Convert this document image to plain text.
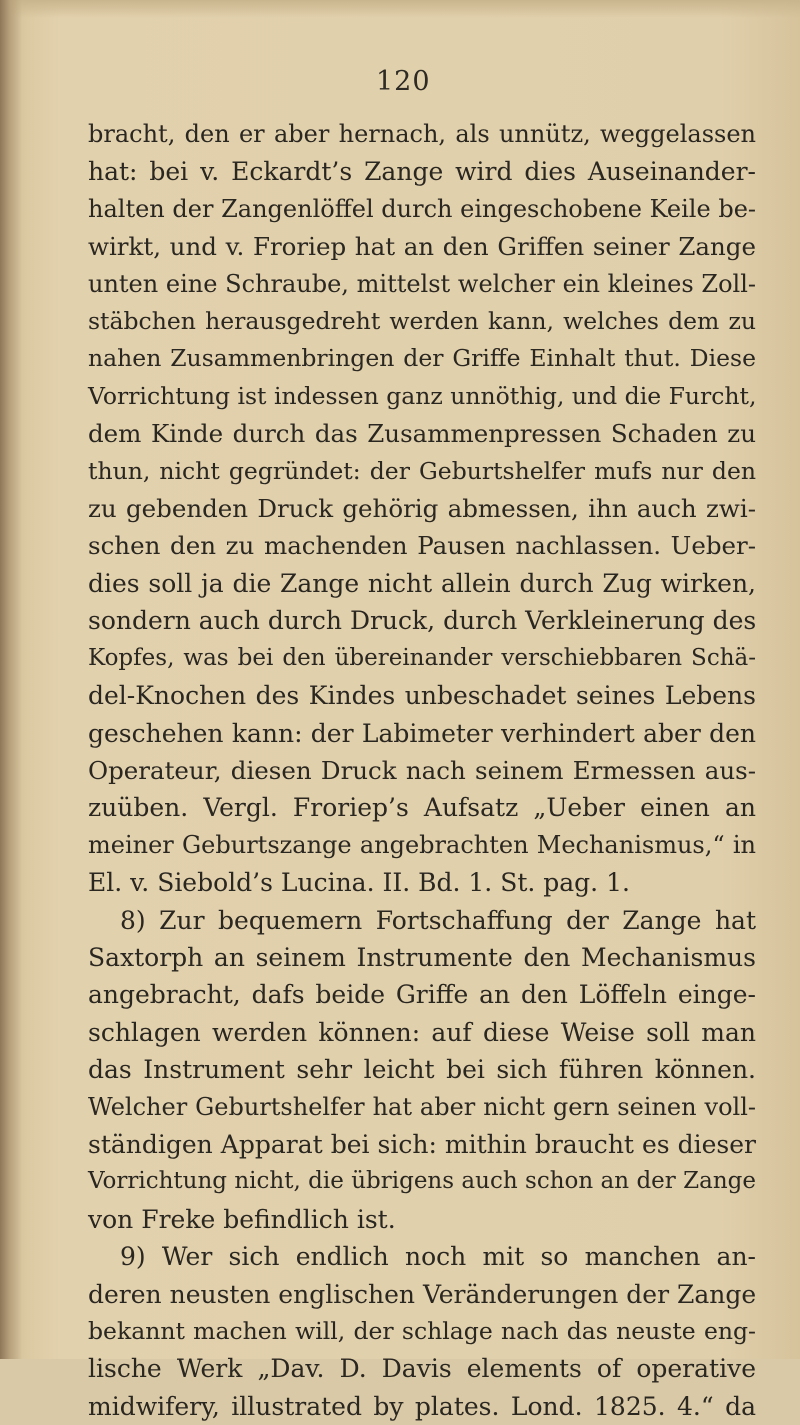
120
bracht, den er aber hernach, als unnütz, weggelassen
hat: bei v. Eckardt’s Zange wird dies Auseinander-
halten der Zangenlöffel durch eingeschobene Keile be-
wirkt, und v. Froriep hat an den Griffen seiner Zange
unten eine Schraube, mittelst welcher ein kleines Zoll-
stäbchen herausgedreht werden kann, welches dem zu
nahen Zusammenbringen der Griffe Einhalt thut. Diese
Vorrichtung ist indessen ganz unnöthig, und die Furcht,
dem Kinde durch das Zusammenpressen Schaden zu
thun, nicht gegründet: der Geburtshelfer mufs nur den
zu gebenden Druck gehörig abmessen, ihn auch zwi-
schen den zu machenden Pausen nachlassen. Ueber-
dies soll ja die Zange nicht allein durch Zug wirken,
sondern auch durch Druck, durch Verkleinerung des
Kopfes, was bei den übereinander verschiebbaren Schä-
del-Knochen des Kindes unbeschadet seines Lebens
geschehen kann: der Labimeter verhindert aber den
Operateur, diesen Druck nach seinem Ermessen aus-
zuüben. Vergl. Froriep’s Aufsatz „Ueber einen an
meiner Geburtszange angebrachten Mechanismus,“ in
El. v. Siebold’s Lucina. II. Bd. 1. St. pag. 1.
8) Zur bequemern Fortschaffung der Zange hat
Saxtorph an seinem Instrumente den Mechanismus
angebracht, dafs beide Griffe an den Löffeln einge-
schlagen werden können: auf diese Weise soll man
das Instrument sehr leicht bei sich führen können.
Welcher Geburtshelfer hat aber nicht gern seinen voll-
ständigen Apparat bei sich: mithin braucht es dieser
Vorrichtung nicht, die übrigens auch schon an der Zange
von Freke befindlich ist.
9) Wer sich endlich noch mit so manchen an-
deren neusten englischen Veränderungen der Zange
bekannt machen will, der schlage nach das neuste eng-
lische Werk „Dav. D. Davis elements of operative
midwifery, illustrated by plates. Lond. 1825. 4.“ da
